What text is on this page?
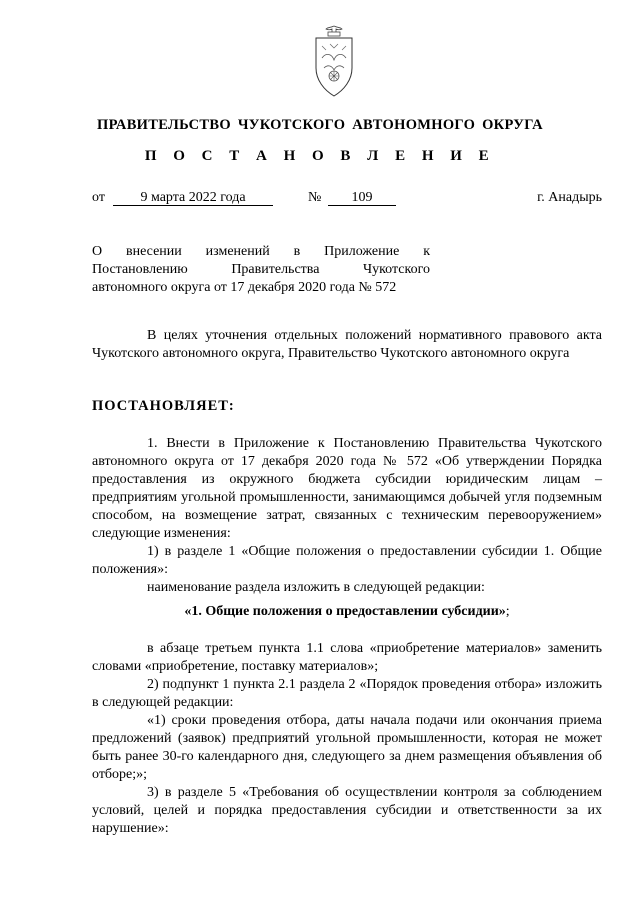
ПРАВИТЕЛЬСТВО ЧУКОТСКОГО АВТОНОМНОГО ОКРУГА
П О С Т А Н О В Л Е Н И Е
от	9 марта 2022 года	№	109	г. Анадырь
О внесении изменений в Приложение к
Постановлению Правительства Чукотского
автономного округа от 17 декабря 2020 года № 572

В целях уточнения отдельных положений нормативного правового акта Чукотского автономного округа, Правительство Чукотского автономного округа

ПОСТАНОВЛЯЕТ:

1. Внести в Приложение к Постановлению Правительства Чукотского автономного округа от 17 декабря 2020 года № 572 «Об утверждении Порядка предоставления из окружного бюджета субсидии юридическим лицам – предприятиям угольной промышленности, занимающимся добычей угля подземным способом, на возмещение затрат, связанных с техническим перевооружением» следующие изменения:

1) в разделе 1 «Общие положения о предоставлении субсидии 1. Общие положения»:

наименование раздела изложить в следующей редакции:

«1. Общие положения о предоставлении субсидии»;

в абзаце третьем пункта 1.1 слова «приобретение материалов» заменить словами «приобретение, поставку материалов»;

2) подпункт 1 пункта 2.1 раздела 2 «Порядок проведения отбора» изложить в следующей редакции:

«1) сроки проведения отбора, даты начала подачи или окончания приема предложений (заявок) предприятий угольной промышленности, которая не может быть ранее 30-го календарного дня, следующего за днем размещения объявления об отборе;»;

3) в разделе 5 «Требования об осуществлении контроля за соблюдением условий, целей и порядка предоставления субсидии и ответственности за их нарушение»:
